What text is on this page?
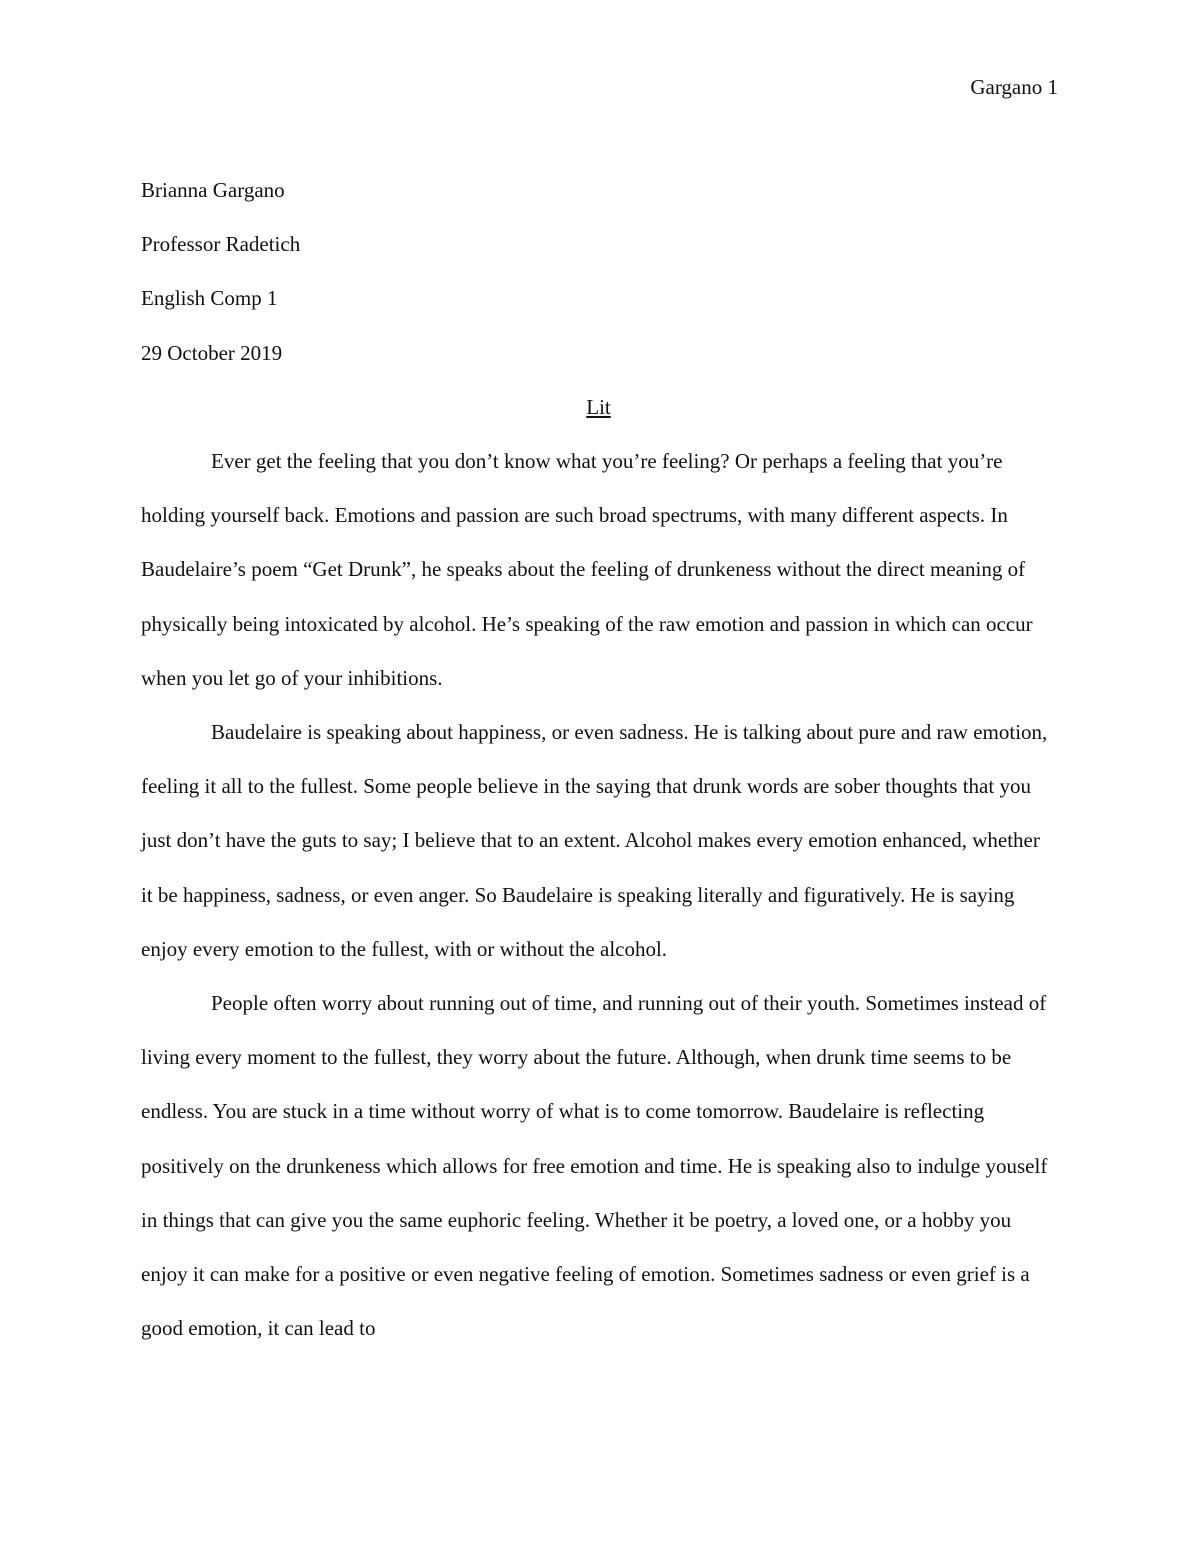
Gargano 1

Brianna Gargano

Professor Radetich

English Comp 1

29 October 2019

Lit

Ever get the feeling that you don’t know what you’re feeling? Or perhaps a feeling that you’re holding yourself back. Emotions and passion are such broad spectrums, with many different aspects. In Baudelaire’s poem “Get Drunk”, he speaks about the feeling of drunkeness without the direct meaning of physically being intoxicated by alcohol. He’s speaking of the raw emotion and passion in which can occur when you let go of your inhibitions.

Baudelaire is speaking about happiness, or even sadness. He is talking about pure and raw emotion, feeling it all to the fullest. Some people believe in the saying that drunk words are sober thoughts that you just don’t have the guts to say; I believe that to an extent. Alcohol makes every emotion enhanced, whether it be happiness, sadness, or even anger. So Baudelaire is speaking literally and figuratively. He is saying enjoy every emotion to the fullest, with or without the alcohol.

People often worry about running out of time, and running out of their youth. Sometimes instead of living every moment to the fullest, they worry about the future. Although, when drunk time seems to be endless. You are stuck in a time without worry of what is to come tomorrow. Baudelaire is reflecting positively on the drunkeness which allows for free emotion and time. He is speaking also to indulge youself in things that can give you the same euphoric feeling. Whether it be poetry, a loved one, or a hobby you enjoy it can make for a positive or even negative feeling of emotion. Sometimes sadness or even grief is a good emotion, it can lead to
